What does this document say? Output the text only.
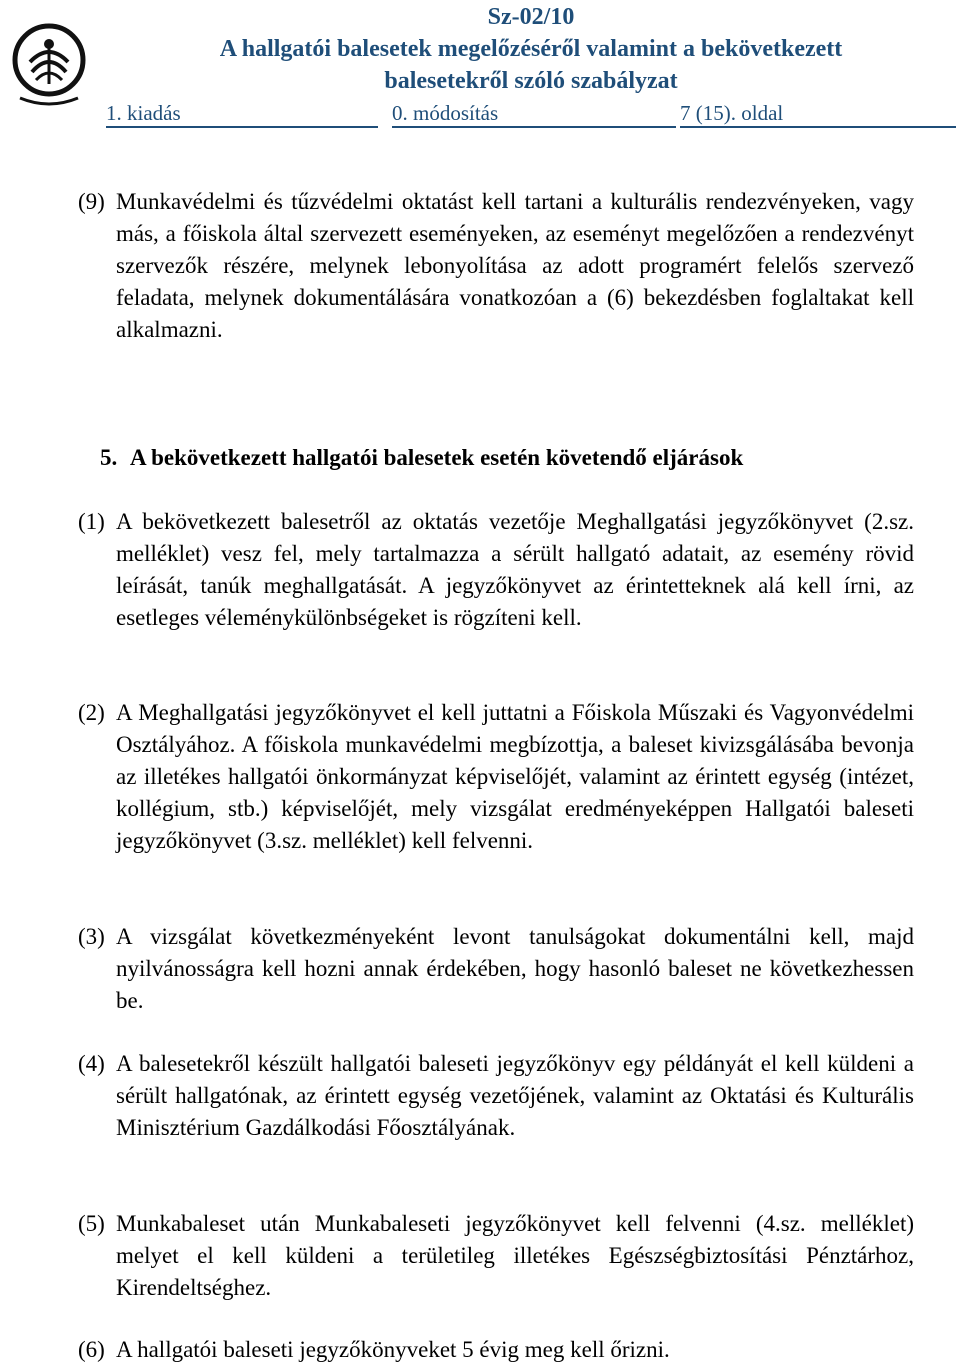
Sz-02/10
A hallgatói balesetek megelőzéséről valamint a bekövetkezett
balesetekről szóló szabályzat
1. kiadás	0. módosítás	7 (15). oldal
(9) Munkavédelmi és tűzvédelmi oktatást kell tartani a kulturális rendezvényeken, vagy más, a főiskola által szervezett eseményeken, az eseményt megelőzően a rendezvényt szervezők részére, melynek lebonyolítása az adott programért felelős szervező feladata, melynek dokumentálására vonatkozóan a (6) bekezdésben foglaltakat kell alkalmazni.
5. A bekövetkezett hallgatói balesetek esetén követendő eljárások
(1) A bekövetkezett balesetről az oktatás vezetője Meghallgatási jegyzőkönyvet (2.sz. melléklet) vesz fel, mely tartalmazza a sérült hallgató adatait, az esemény rövid leírását, tanúk meghallgatását. A jegyzőkönyvet az érintetteknek alá kell írni, az esetleges véleménykülönbségeket is rögzíteni kell.
(2) A Meghallgatási jegyzőkönyvet el kell juttatni a Főiskola Műszaki és Vagyonvédelmi Osztályához. A főiskola munkavédelmi megbízottja, a baleset kivizsgálásába bevonja az illetékes hallgatói önkormányzat képviselőjét, valamint az érintett egység (intézet, kollégium, stb.) képviselőjét, mely vizsgálat eredményeképpen Hallgatói baleseti jegyzőkönyvet (3.sz. melléklet) kell felvenni.
(3) A vizsgálat következményeként levont tanulságokat dokumentálni kell, majd nyilvánosságra kell hozni annak érdekében, hogy hasonló baleset ne következhessen be.
(4) A balesetekről készült hallgatói baleseti jegyzőkönyv egy példányát el kell küldeni a sérült hallgatónak, az érintett egység vezetőjének, valamint az Oktatási és Kulturális Minisztérium Gazdálkodási Főosztályának.
(5) Munkabaleset után Munkabaleseti jegyzőkönyvet kell felvenni (4.sz. melléklet) melyet el kell küldeni a területileg illetékes Egészségbiztosítási Pénztárhoz, Kirendeltséghez.
(6) A hallgatói baleseti jegyzőkönyveket 5 évig meg kell őrizni.
